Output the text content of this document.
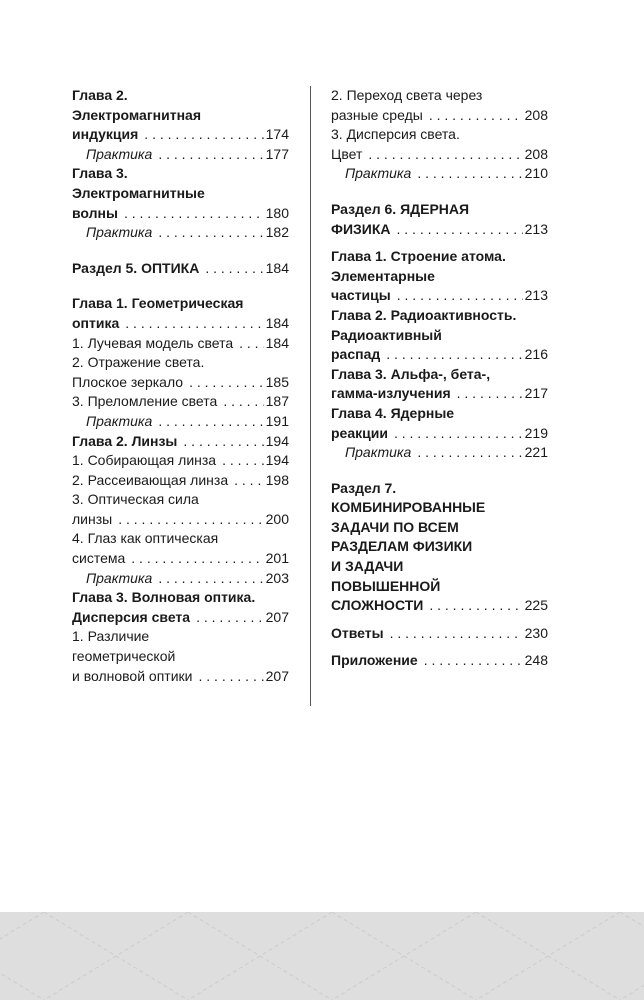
Глава 2.
Электромагнитная
индукция . . .	174
Практика . . .	177
Глава 3.
Электромагнитные
волны . . .	180
Практика . . .	182
Раздел 5. ОПТИКА . . .	184
Глава 1. Геометрическая
оптика . . .	184
1. Лучевая модель света . . . 184
2. Отражение света.
Плоское зеркало . . .	185
3. Преломление света . . .	187
Практика . . .	191
Глава 2. Линзы . . .	194
1. Собирающая линза . . .	194
2. Рассеивающая линза . . .	198
3. Оптическая сила
линзы . . .	200
4. Глаз как оптическая
система . . .	201
Практика . . .	203
Глава 3. Волновая оптика.
Дисперсия света . . .	207
1. Различие
геометрической
и волновой оптики . . .	207
2. Переход света через
разные среды . . .	208
3. Дисперсия света.
Цвет . . .	208
Практика . . .	210
Раздел 6. ЯДЕРНАЯ
ФИЗИКА . . .	213
Глава 1. Строение атома.
Элементарные
частицы . . .	213
Глава 2. Радиоактивность.
Радиоактивный
распад . . .	216
Глава 3. Альфа-, бета-,
гамма-излучения . . .	217
Глава 4. Ядерные
реакции . . .	219
Практика . . .	221
Раздел 7.
КОМБИНИРОВАННЫЕ
ЗАДАЧИ ПО ВСЕМ
РАЗДЕЛАМ ФИЗИКИ
И ЗАДАЧИ
ПОВЫШЕННОЙ
СЛОЖНОСТИ . . .	225
Ответы . . .	230
Приложение . . .	248
